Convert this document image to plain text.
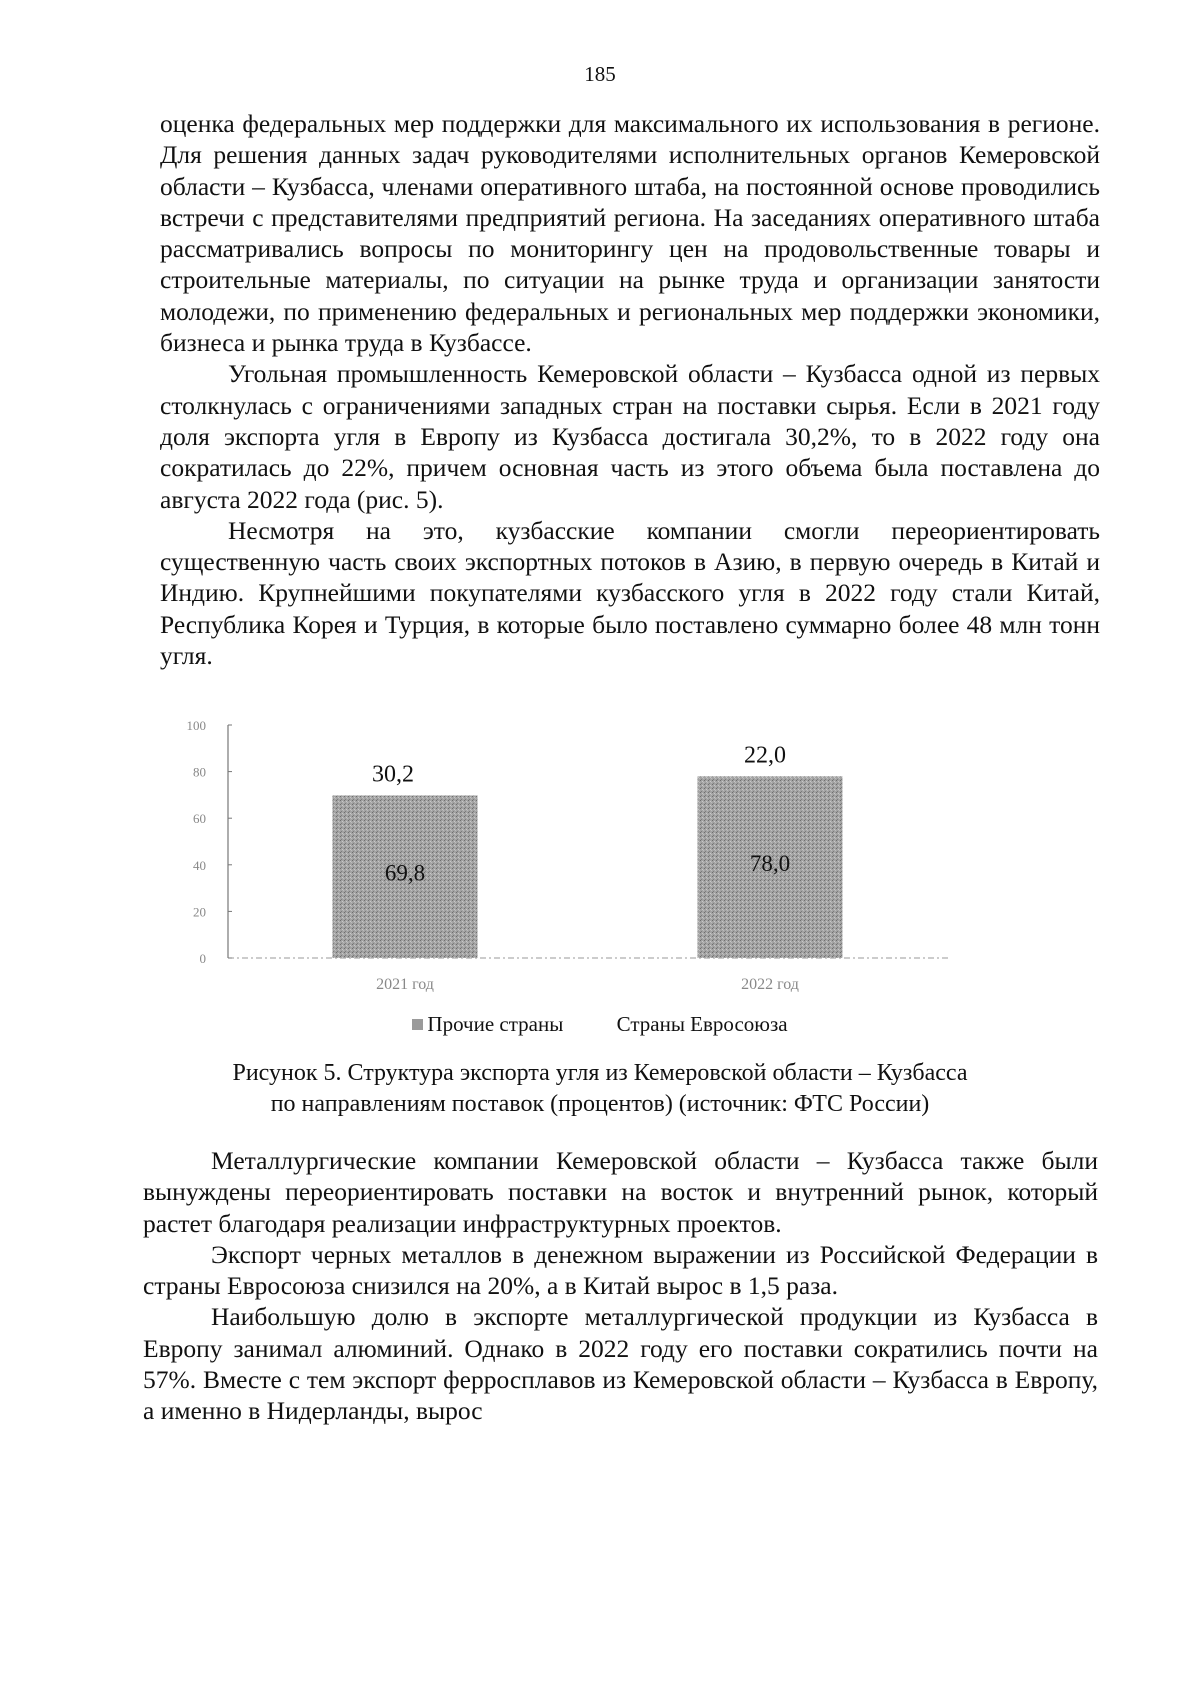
185

оценка федеральных мер поддержки для максимального их использования в регионе. Для решения данных задач руководителями исполнительных органов Кемеровской области – Кузбасса, членами оперативного штаба, на постоянной основе проводились встречи с представителями предприятий региона. На заседаниях оперативного штаба рассматривались вопросы по мониторингу цен на продовольственные товары и строительные материалы, по ситуации на рынке труда и организации занятости молодежи, по применению федеральных и региональных мер поддержки экономики, бизнеса и рынка труда в Кузбассе.

Угольная промышленность Кемеровской области – Кузбасса одной из первых столкнулась с ограничениями западных стран на поставки сырья. Если в 2021 году доля экспорта угля в Европу из Кузбасса достигала 30,2%, то в 2022 году она сократилась до 22%, причем основная часть из этого объема была поставлена до августа 2022 года (рис. 5).

Несмотря на это, кузбасские компании смогли переориентировать существенную часть своих экспортных потоков в Азию, в первую очередь в Китай и Индию. Крупнейшими покупателями кузбасского угля в 2022 году стали Китай, Республика Корея и Турция, в которые было поставлено суммарно более 48 млн тонн угля.

0
20
40
60
80
100
69,8
30,2
78,0
22,0
2021 год	2022 год
Прочие страны	Страны Евросоюза
Рисунок 5. Структура экспорта угля из Кемеровской области – Кузбасса
по направлениям поставок (процентов) (источник: ФТС России)

Металлургические компании Кемеровской области – Кузбасса также были вынуждены переориентировать поставки на восток и внутренний рынок, который растет благодаря реализации инфраструктурных проектов.

Экспорт черных металлов в денежном выражении из Российской Федерации в страны Евросоюза снизился на 20%, а в Китай вырос в 1,5 раза.

Наибольшую долю в экспорте металлургической продукции из Кузбасса в Европу занимал алюминий. Однако в 2022 году его поставки сократились почти на 57%. Вместе с тем экспорт ферросплавов из Кемеровской области – Кузбасса в Европу, а именно в Нидерланды, вырос
